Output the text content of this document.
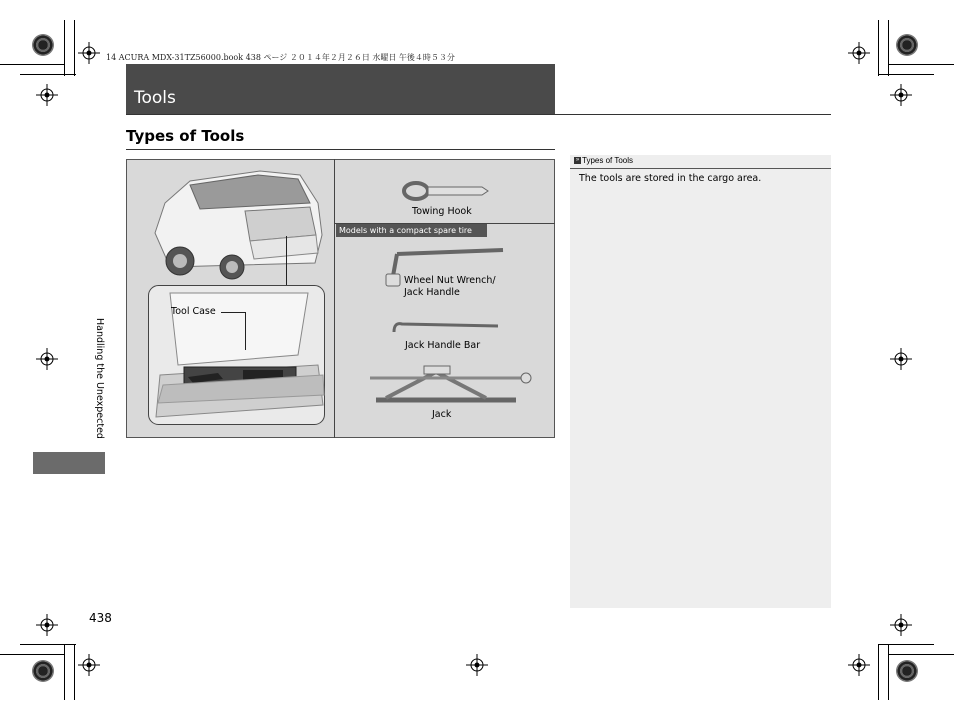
14 ACURA MDX-31TZ56000.book 438 ページ ２０１４年２月２６日 水曜日 午後４時５３分
Tools
Types of Tools
Tool Case
Towing Hook
Models with a compact spare tire
Wheel Nut Wrench/
Jack Handle
Jack Handle Bar
Jack
Handling the Unexpected
438
» Types of Tools
The tools are stored in the cargo area.
